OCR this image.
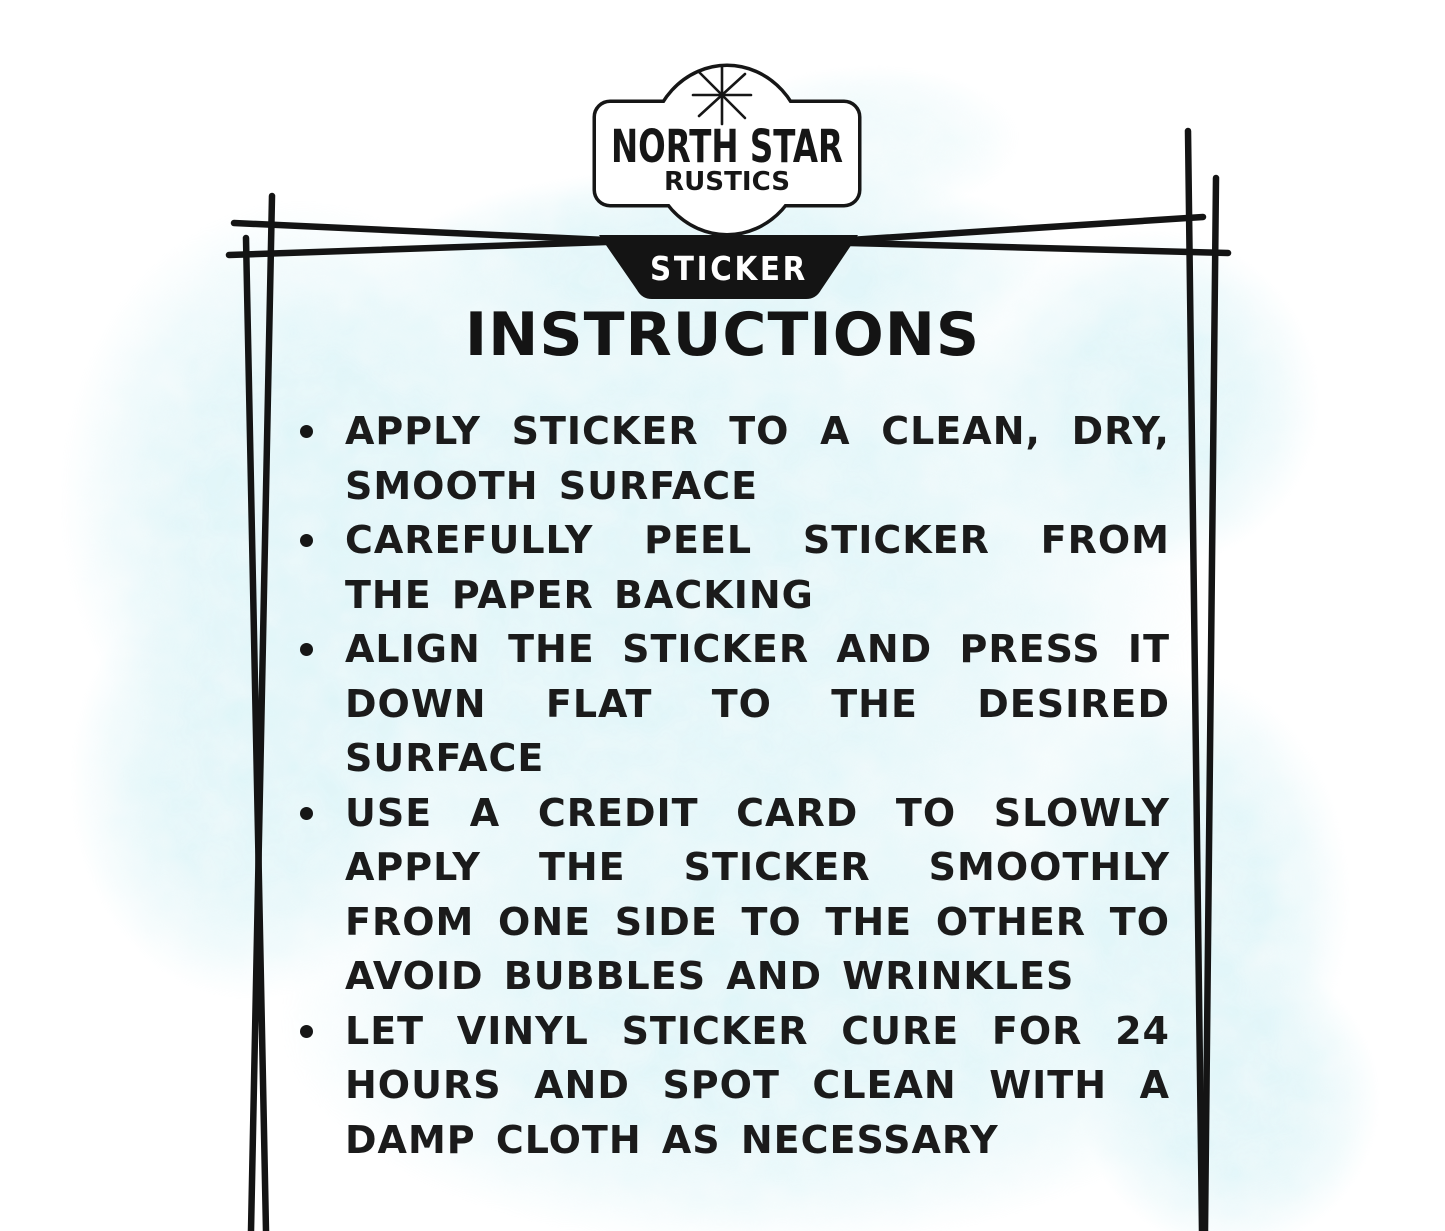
STICKER
NORTH STAR
RUSTICS
INSTRUCTIONS
APPLY STICKER TO A CLEAN, DRY,
SMOOTH SURFACE
CAREFULLY PEEL STICKER FROM
THE PAPER BACKING
ALIGN THE STICKER AND PRESS IT
DOWN FLAT TO THE DESIRED
SURFACE
USE A CREDIT CARD TO SLOWLY
APPLY THE STICKER SMOOTHLY
FROM ONE SIDE TO THE OTHER TO
AVOID BUBBLES AND WRINKLES
LET VINYL STICKER CURE FOR 24
HOURS AND SPOT CLEAN WITH A
DAMP CLOTH AS NECESSARY
